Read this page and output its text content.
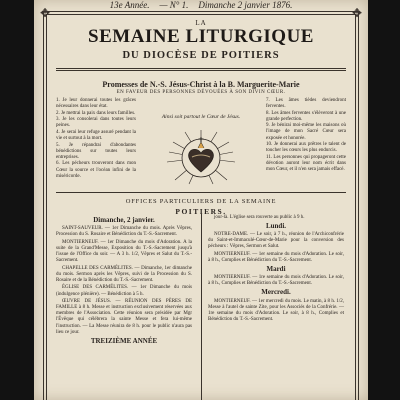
✥	✥
13e Année. — N° 1. Dimanche 2 janvier 1876.
LA
SEMAINE LITURGIQUE
DU DIOCÈSE DE POITIERS
Promesses de N.-S. Jésus-Christ à la B. Marguerite-Marie
EN FAVEUR DES PERSONNES DÉVOUÉES À SON DIVIN CŒUR.

1. Je leur donnerai toutes les grâces nécessaires dans leur état.

2. Je mettrai la paix dans leurs familles.

3. Je les consolerai dans toutes leurs peines.

4. Je serai leur refuge assuré pendant la vie et surtout à la mort.

5. Je répandrai d'abondantes bénédictions sur toutes leurs entreprises.

6. Les pécheurs trouveront dans mon Cœur la source et l'océan infini de la miséricorde.

7. Les âmes tièdes deviendront ferventes.

8. Les âmes ferventes s'élèveront à une grande perfection.

9. Je bénirai moi-même les maisons où l'image de mon Sacré Cœur sera exposée et honorée.

10. Je donnerai aux prêtres le talent de toucher les cœurs les plus endurcis.

11. Les personnes qui propageront cette dévotion auront leur nom écrit dans mon Cœur, et il n'en sera jamais effacé.

Ainsi soit partout le Cœur de Jésus.
OFFICES PARTICULIERS DE LA SEMAINE
POITIERS.

Dimanche, 2 janvier.

SAINT-SAUVEUR. — 1er Dimanche du mois. Après Vêpres, Procession du S. Rosaire et Bénédiction du T.-S.-Sacrement.

MONTIERNEUF. — 1er Dimanche du mois d'Adoration. A la suite de la Grand'Messe, Exposition du T.-S.-Sacrement jusqu'à l'issue de l'Office du soir. — A 3 h. 1/2, Vêpres et Salut du T.-S.-Sacrement.

CHAPELLE DES CARMÉLITES. — Dimanche, 1er dimanche du mois. Sermon après les Vêpres, suivi de la Procession du S. Rosaire et de la Bénédiction du T.-S.-Sacrement.

ÉGLISE DES CARMÉLITES. — 1er Dimanche du mois (indulgence plénière). — Bénédiction à 5 h.

ŒUVRE DE JÉSUS. — RÉUNION DES PÈRES DE FAMILLE à 8 h. Messe et instruction exclusivement réservées aux membres de l'Association. Cette réunion sera présidée par Mgr l'Évêque qui célébrera la sainte Messe et fera lui-même l'instruction. — La Messe réunira de 8 h. pour le public n'aura pas lieu ce jour.

TREIZIÈME ANNÉE

jour-là. L'église sera rouverte au public à 9 h.

Lundi.

NOTRE-DAME. — Le soir, à 7 h., réunion de l'Archiconfrérie du Saint-et-Immaculé-Cœur-de-Marie pour la conversion des pécheurs : Vêpres, Sermon et Salut.

MONTIERNEUF. — 1er semaine du mois d'Adoration. Le soir, à 8 h., Complies et Bénédiction du T.-S.-Sacrement.

Mardi

MONTIERNEUF. — 1re semaine du mois d'Adoration. Le soir, à 8 h., Complies et Bénédiction du T.-S.-Sacrement.

Mercredi.

MONTIERNEUF. — 1er mercredi du mois. Le matin, à 8 h. 1/2, Messe à l'autel de sainte Zite, pour les Associés de la Confrérie. — 1re semaine du mois d'Adoration. Le soir, à 8 h., Complies et Bénédiction du T.-S.-Sacrement.
